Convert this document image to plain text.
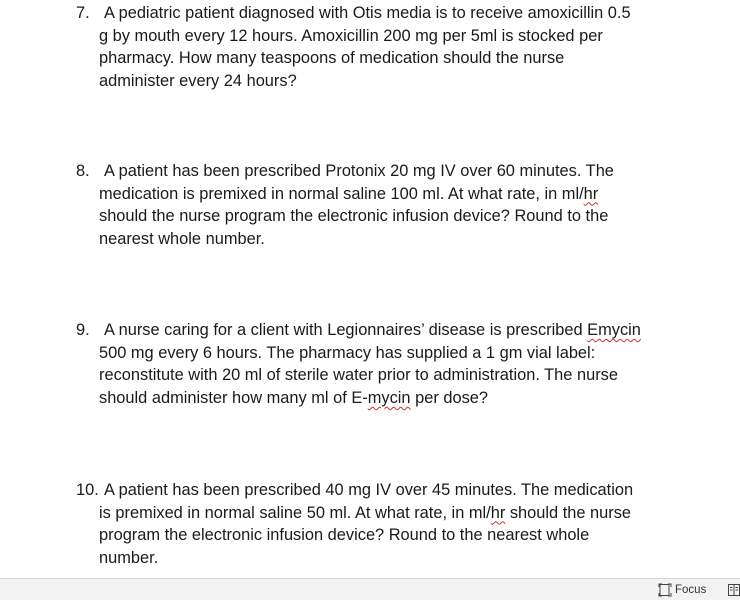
7. A pediatric patient diagnosed with Otis media is to receive amoxicillin 0.5
g by mouth every 12 hours. Amoxicillin 200 mg per 5ml is stocked per
pharmacy. How many teaspoons of medication should the nurse
administer every 24 hours?
8. A patient has been prescribed Protonix 20 mg IV over 60 minutes. The
medication is premixed in normal saline 100 ml. At what rate, in ml/hr
should the nurse program the electronic infusion device? Round to the
nearest whole number.
9. A nurse caring for a client with Legionnaires’ disease is prescribed Emycin
500 mg every 6 hours. The pharmacy has supplied a 1 gm vial label:
reconstitute with 20 ml of sterile water prior to administration. The nurse
should administer how many ml of E-mycin per dose?
10. A patient has been prescribed 40 mg IV over 45 minutes. The medication
is premixed in normal saline 50 ml. At what rate, in ml/hr should the nurse
program the electronic infusion device? Round to the nearest whole
number.
Focus
